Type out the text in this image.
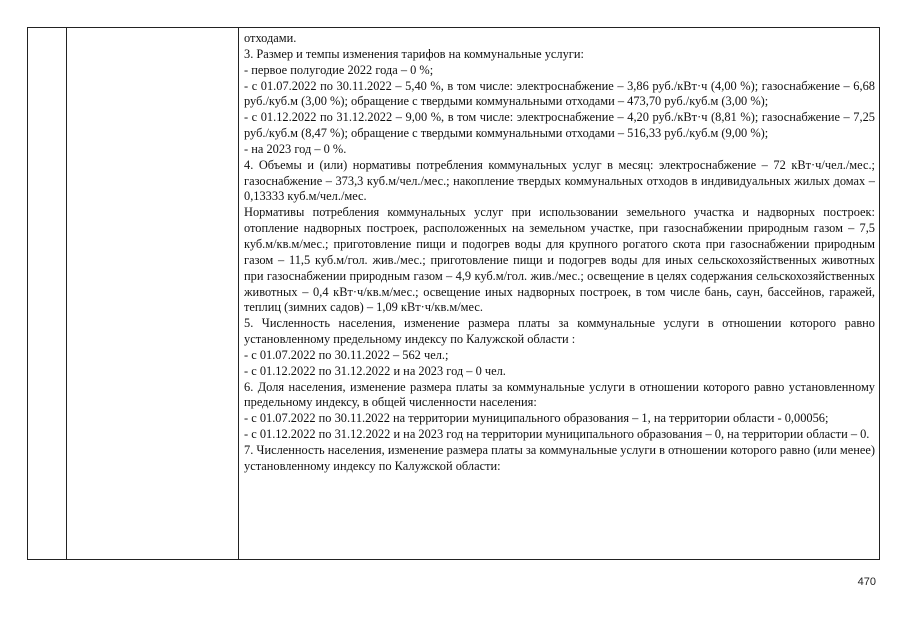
отходами.

3. Размер и темпы изменения тарифов на коммунальные услуги:

- первое полугодие 2022 года – 0 %;

- с 01.07.2022 по 30.11.2022 – 5,40 %, в том числе: электроснабжение – 3,86 руб./кВт·ч (4,00 %); газоснабжение – 6,68 руб./куб.м (3,00 %); обращение с твердыми коммунальными отходами – 473,70 руб./куб.м (3,00 %);

- с 01.12.2022 по 31.12.2022 – 9,00 %, в том числе: электроснабжение – 4,20 руб./кВт·ч (8,81 %); газоснабжение – 7,25 руб./куб.м (8,47 %); обращение с твердыми коммунальными отходами – 516,33 руб./куб.м (9,00 %);

- на 2023 год – 0 %.

4. Объемы и (или) нормативы потребления коммунальных услуг в месяц: электроснабжение – 72 кВт·ч/чел./мес.; газоснабжение – 373,3 куб.м/чел./мес.; накопление твердых коммунальных отходов в индивидуальных жилых домах – 0,13333 куб.м/чел./мес.

Нормативы потребления коммунальных услуг при использовании земельного участка и надворных построек: отопление надворных построек, расположенных на земельном участке, при газоснабжении природным газом – 7,5 куб.м/кв.м/мес.; приготовление пищи и подогрев воды для крупного рогатого скота при газоснабжении природным газом – 11,5 куб.м/гол. жив./мес.; приготовление пищи и подогрев воды для иных сельскохозяйственных животных при газоснабжении природным газом – 4,9 куб.м/гол. жив./мес.; освещение в целях содержания сельскохозяйственных животных – 0,4 кВт·ч/кв.м/мес.; освещение иных надворных построек, в том числе бань, саун, бассейнов, гаражей, теплиц (зимних садов) – 1,09 кВт·ч/кв.м/мес.

5. Численность населения, изменение размера платы за коммунальные услуги в отношении которого равно установленному предельному индексу по Калужской области :

- с 01.07.2022 по 30.11.2022 – 562 чел.;

- с 01.12.2022 по 31.12.2022 и на 2023 год – 0 чел.

6. Доля населения, изменение размера платы за коммунальные услуги в отношении которого равно установленному предельному индексу, в общей численности населения:

- с 01.07.2022 по 30.11.2022 на территории муниципального образования – 1, на территории области - 0,00056;

- с 01.12.2022 по 31.12.2022 и на 2023 год на территории муниципального образования – 0, на территории области – 0.

7. Численность населения, изменение размера платы за коммунальные услуги в отношении которого равно (или менее) установленному индексу по Калужской области:

470
